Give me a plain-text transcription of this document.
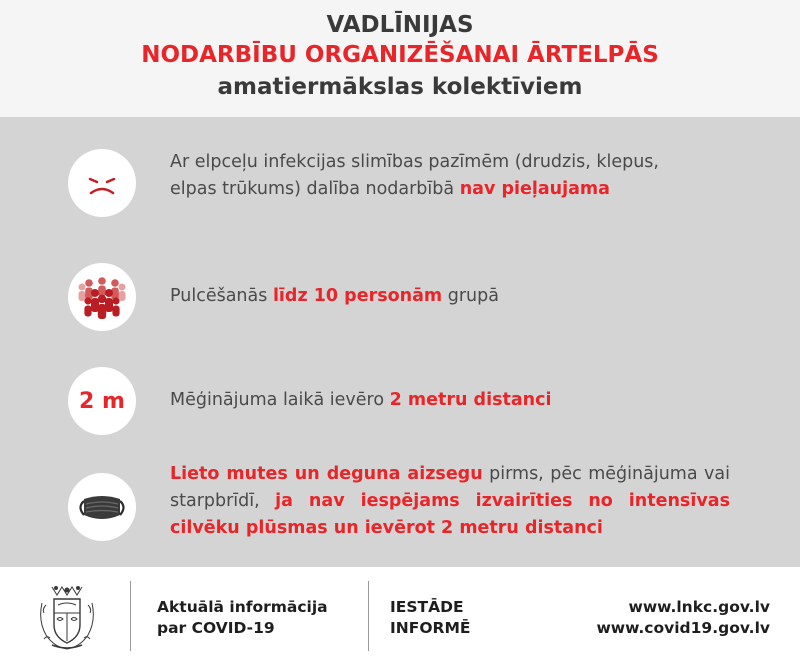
VADLĪNIJAS
NODARBĪBU ORGANIZĒŠANAI ĀRTELPĀS
amatiermākslas kolektīviem
Ar elpceļu infekcijas slimības pazīmēm (drudzis, klepus, elpas trūkums) dalība nodarbībā nav pieļaujama
Pulcēšanās līdz 10 personām grupā
2 m	Mēģinājuma laikā ievēro 2 metru distanci
Lieto mutes un deguna aizsegu pirms, pēc mēģinājuma vai starpbrīdī, ja nav iespējams izvairīties no intensīvas cilvēku plūsmas un ievērot 2 metru distanci
Aktuālā informācija
par COVID-19
IESTĀDE
INFORMĒ
www.lnkc.gov.lv
www.covid19.gov.lv
